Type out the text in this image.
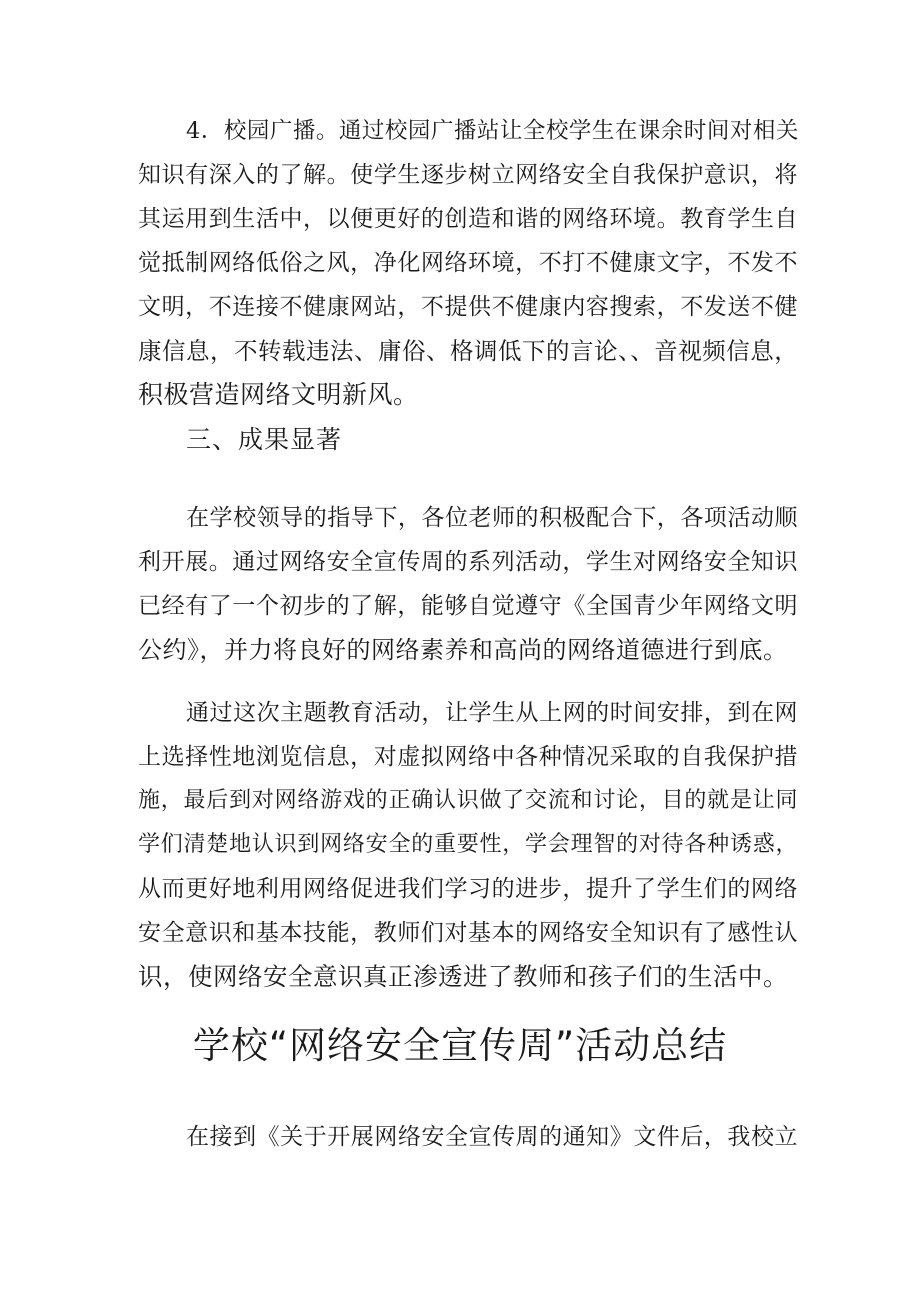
4．校园广播。通过校园广播站让全校学生在课余时间对相关
知识有深入的了解。使学生逐步树立网络安全自我保护意识，将
其运用到生活中，以便更好的创造和谐的网络环境。教育学生自
觉抵制网络低俗之风，净化网络环境，不打不健康文字，不发不
文明，不连接不健康网站，不提供不健康内容搜索，不发送不健
康信息，不转载违法、庸俗、格调低下的言论、、音视频信息，
积极营造网络文明新风。
三、成果显著
在学校领导的指导下，各位老师的积极配合下，各项活动顺
利开展。通过网络安全宣传周的系列活动，学生对网络安全知识
已经有了一个初步的了解，能够自觉遵守《全国青少年网络文明
公约》，并力将良好的网络素养和高尚的网络道德进行到底。
通过这次主题教育活动，让学生从上网的时间安排，到在网
上选择性地浏览信息，对虚拟网络中各种情况采取的自我保护措
施，最后到对网络游戏的正确认识做了交流和讨论，目的就是让同
学们清楚地认识到网络安全的重要性，学会理智的对待各种诱惑，
从而更好地利用网络促进我们学习的进步，提升了学生们的网络
安全意识和基本技能，教师们对基本的网络安全知识有了感性认
识，使网络安全意识真正渗透进了教师和孩子们的生活中。
学校“网络安全宣传周”活动总结
在接到《关于开展网络安全宣传周的通知》文件后，我校立
